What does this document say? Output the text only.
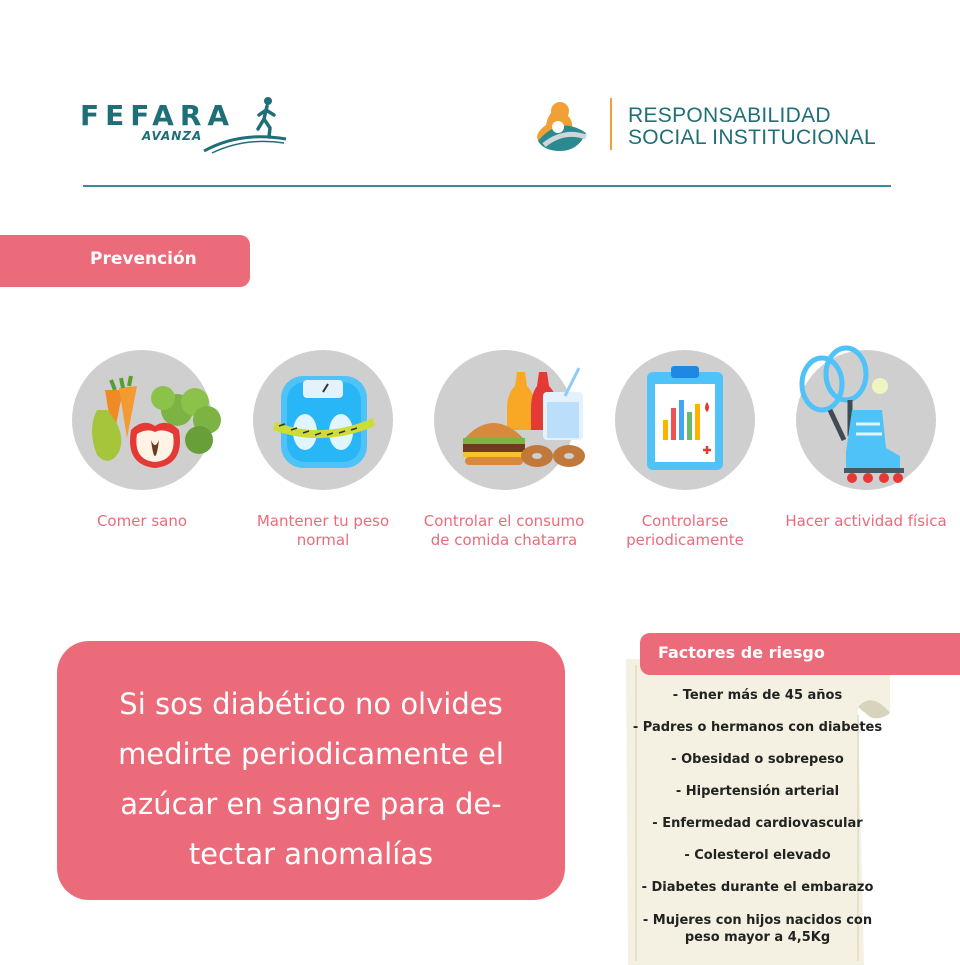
FEFARA
AVANZA
RESPONSABILIDAD
SOCIAL INSTITUCIONAL
Prevención
Comer sano	Mantener tu peso normal
Controlar el consumo de comida chatarra
Controlarse periodicamente
Hacer actividad física
Si sos diabético no olvides medirte periodicamente el azúcar en sangre para de-tectar anomalías
Factores de riesgo
- Tener más de 45 años
- Padres o hermanos con diabetes
- Obesidad o sobrepeso
- Hipertensión arterial
- Enfermedad cardiovascular
- Colesterol elevado
- Diabetes durante el embarazo
- Mujeres con hijos nacidos con peso mayor a 4,5Kg
